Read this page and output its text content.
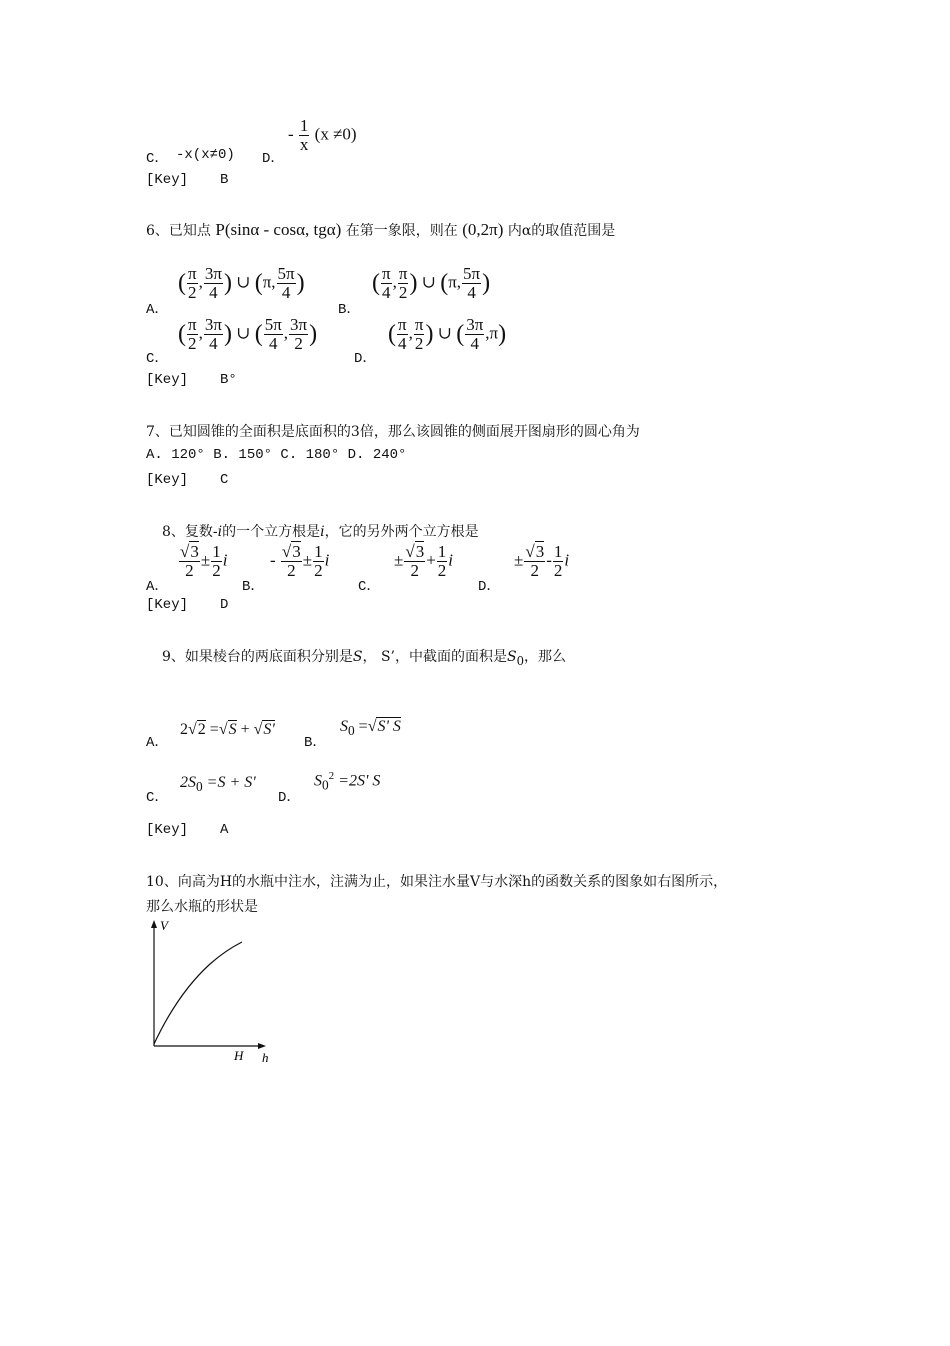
C． -x(x≠0) D．
- $\frac{1}{x} (x \ne 0)$
[Key] B
6、已知点 P(sinα - cosα, tgα) 在第一象限，则在 (0,2π) 内α的取值范围是
A．
( $\frac{\pi}{2}$ , $\frac{3\pi}{4}$ ) ∪ (π, $\frac{5\pi}{4}$ )
B．
( $\frac{\pi}{4}$ , $\frac{\pi}{2}$ ) ∪ (π, $\frac{5\pi}{4}$ )
C．
( $\frac{\pi}{2}$ , $\frac{3\pi}{4}$ ) ∪ ( $\frac{5\pi}{4}$ , $\frac{3\pi}{2}$ )
D．
( $\frac{\pi}{4}$ , $\frac{\pi}{2}$ ) ∪ ( $\frac{3\pi}{4} ,\pi$)
[Key] B°
7、已知圆锥的全面积是底面积的3倍，那么该圆锥的侧面展开图扇形的圆心角为
A. 120° B. 150° C. 180° D. 240°
[Key] C
8、复数-i的一个立方根是i，它的另外两个立方根是
A．
$\frac{√3}{2} \pm \frac{1}{2}$ i
B．
- $\frac{√3}{2} \pm \frac{1}{2}$ i
C．
± $\frac{√3}{2} + \frac{1}{2}$ i
D．
± $\frac{√3}{2} - \frac{1}{2}$ i
[Key] D
9、如果棱台的两底面积分别是S， S’，中截面的面积是$S_0$，那么
A．
2√2 =√S + √S'
B．
$S_0 =√S'$ S
C．
$2S_0 =S + S'$
D．
$S_0^2 =2S'$ S
[Key] A
10、向高为H的水瓶中注水，注满为止，如果注水量V与水深h的函数关系的图象如右图所示，
那么水瓶的形状是
V
h
H
